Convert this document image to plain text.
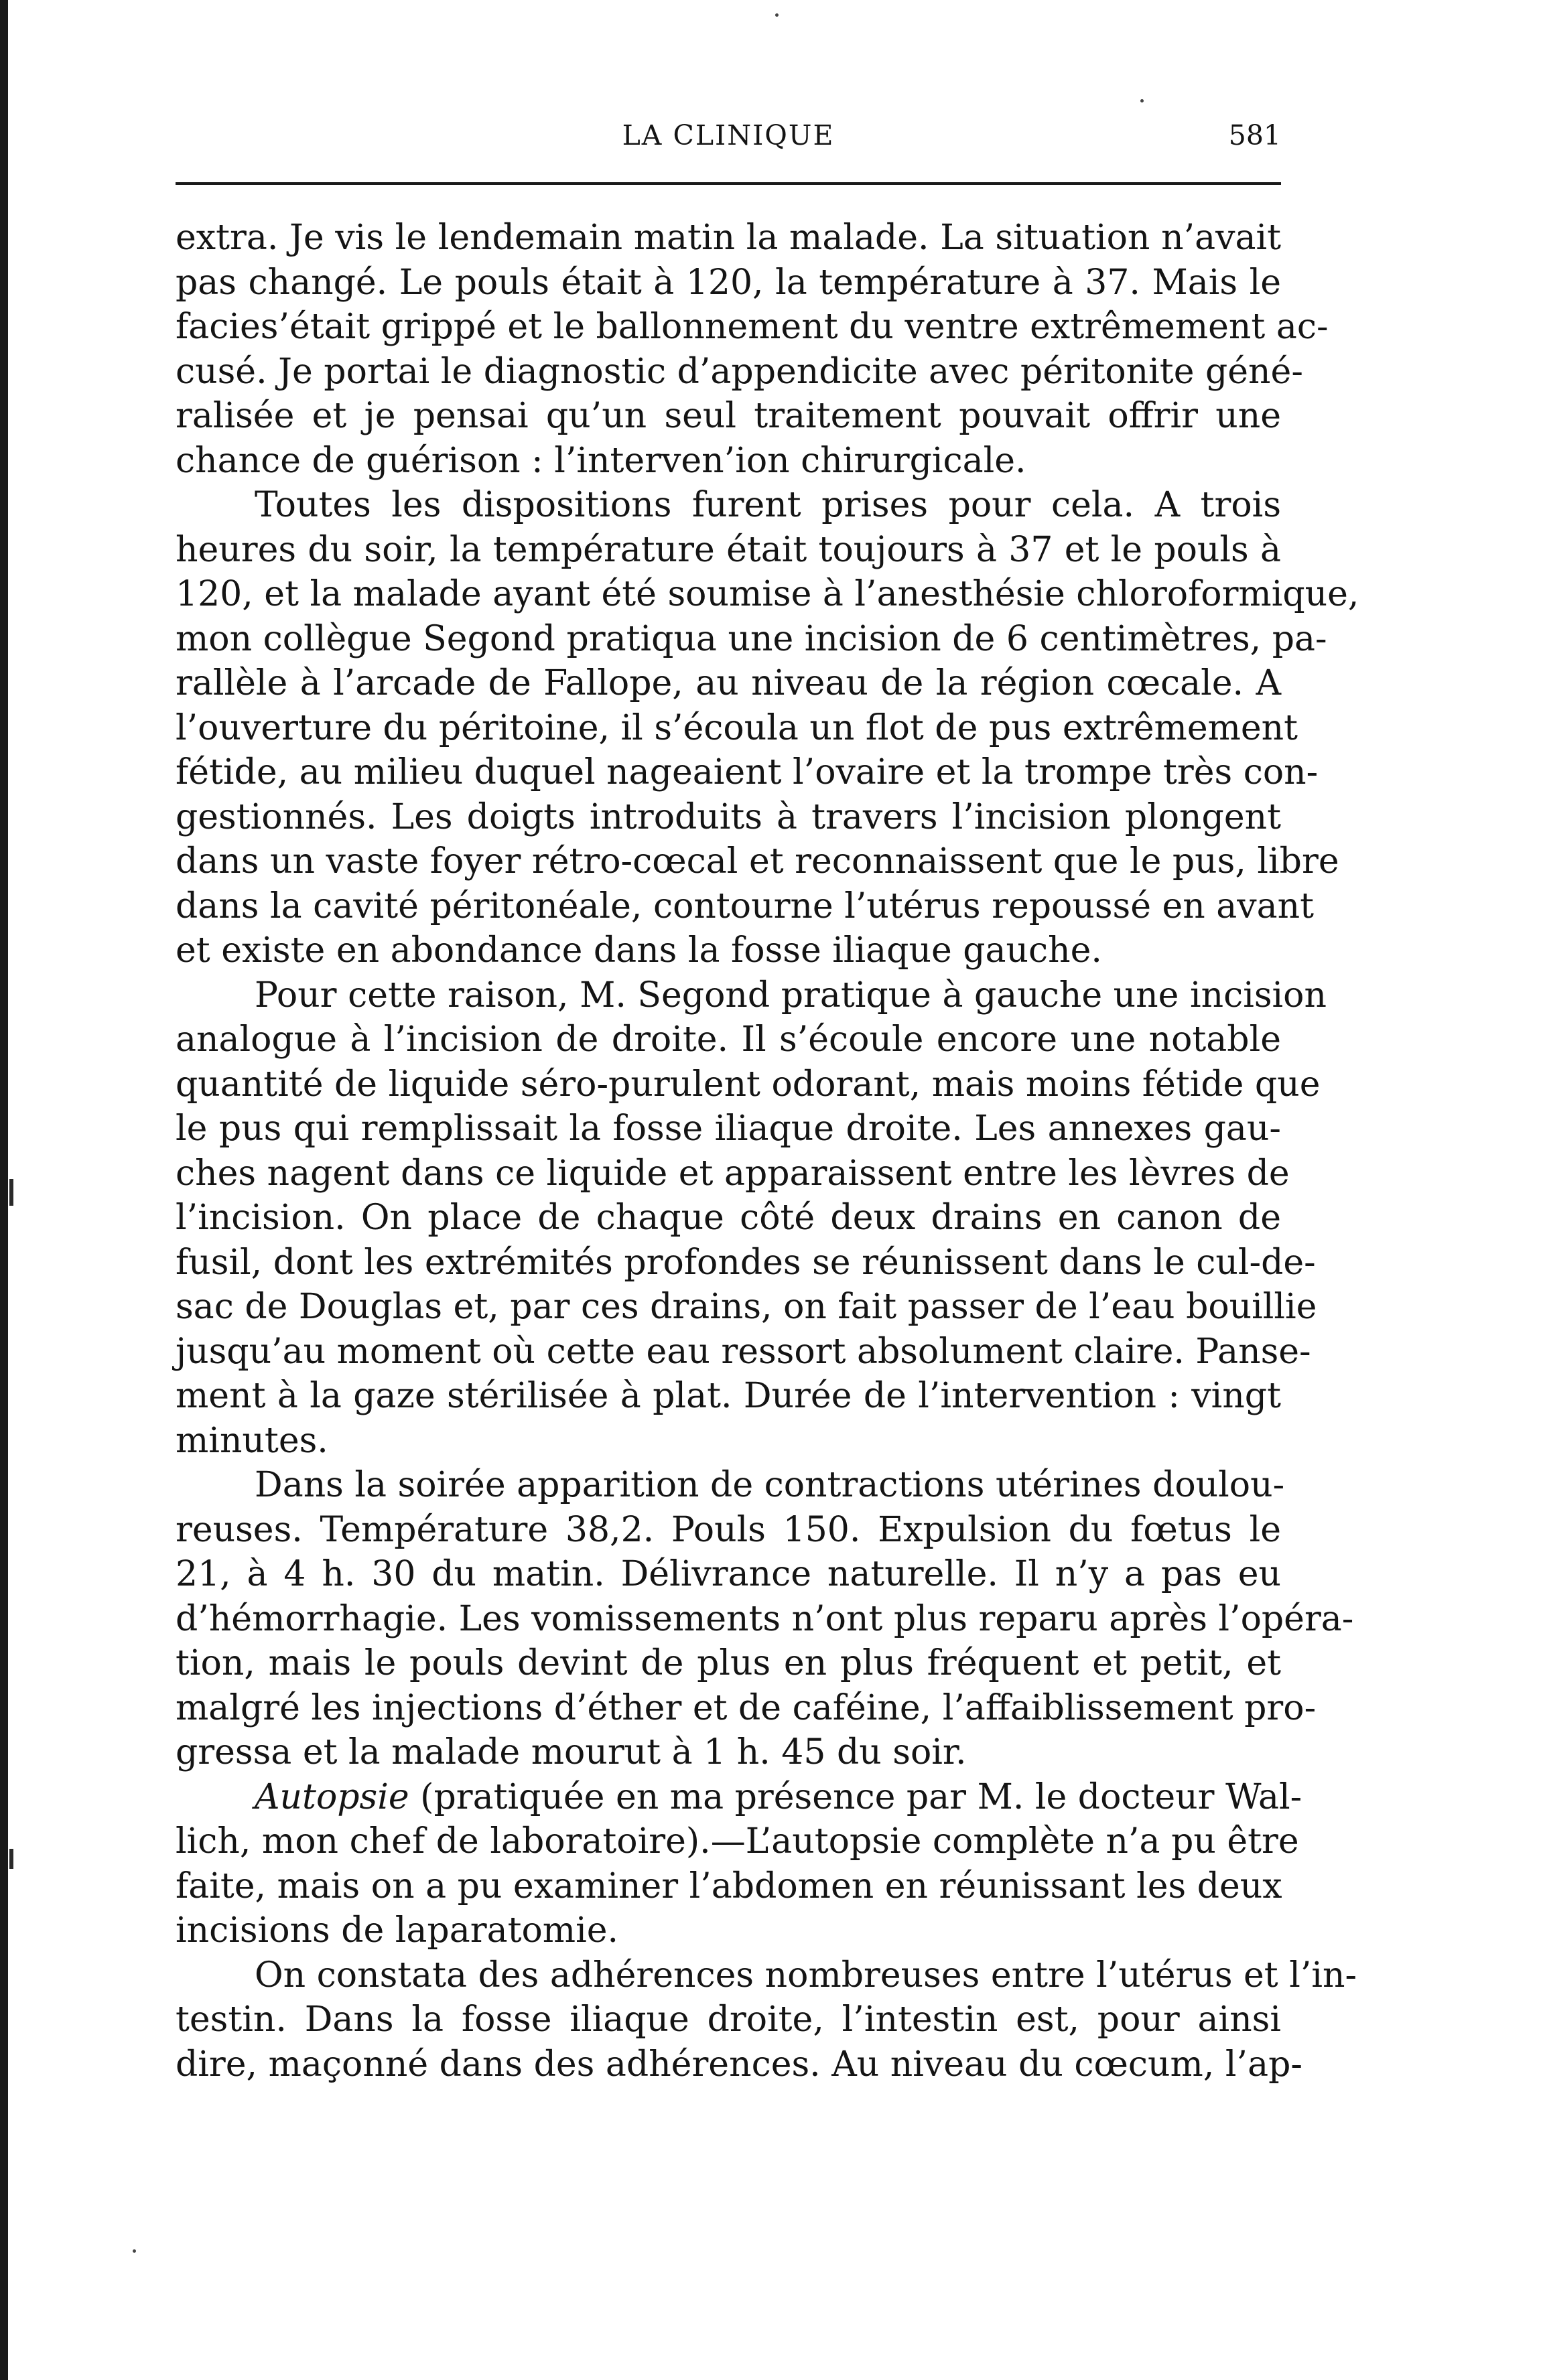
LA CLINIQUE	581
extra. Je vis le lendemain matin la malade. La situation n’avait
pas changé. Le pouls était à 120, la température à 37. Mais le
facies’était grippé et le ballonnement du ventre extrêmement ac-
cusé. Je portai le diagnostic d’appendicite avec péritonite géné-
ralisée et je pensai qu’un seul traitement pouvait offrir une
chance de guérison : l’interven’ion chirurgicale.
Toutes les dispositions furent prises pour cela. A trois
heures du soir, la température était toujours à 37 et le pouls à
120, et la malade ayant été soumise à l’anesthésie chloroformique,
mon collègue Segond pratiqua une incision de 6 centimètres, pa-
rallèle à l’arcade de Fallope, au niveau de la région cœcale. A
l’ouverture du péritoine, il s’écoula un flot de pus extrêmement
fétide, au milieu duquel nageaient l’ovaire et la trompe très con-
gestionnés. Les doigts introduits à travers l’incision plongent
dans un vaste foyer rétro-cœcal et reconnaissent que le pus, libre
dans la cavité péritonéale, contourne l’utérus repoussé en avant
et existe en abondance dans la fosse iliaque gauche.
Pour cette raison, M. Segond pratique à gauche une incision
analogue à l’incision de droite. Il s’écoule encore une notable
quantité de liquide séro-purulent odorant, mais moins fétide que
le pus qui remplissait la fosse iliaque droite. Les annexes gau-
ches nagent dans ce liquide et apparaissent entre les lèvres de
l’incision. On place de chaque côté deux drains en canon de
fusil, dont les extrémités profondes se réunissent dans le cul-de-
sac de Douglas et, par ces drains, on fait passer de l’eau bouillie
jusqu’au moment où cette eau ressort absolument claire. Panse-
ment à la gaze stérilisée à plat. Durée de l’intervention : vingt
minutes.
Dans la soirée apparition de contractions utérines doulou-
reuses. Température 38,2. Pouls 150. Expulsion du fœtus le
21, à 4 h. 30 du matin. Délivrance naturelle. Il n’y a pas eu
d’hémorrhagie. Les vomissements n’ont plus reparu après l’opéra-
tion, mais le pouls devint de plus en plus fréquent et petit, et
malgré les injections d’éther et de caféine, l’affaiblissement pro-
gressa et la malade mourut à 1 h. 45 du soir.
Autopsie (pratiquée en ma présence par M. le docteur Wal-
lich, mon chef de laboratoire).—L’autopsie complète n’a pu être
faite, mais on a pu examiner l’abdomen en réunissant les deux
incisions de laparatomie.
On constata des adhérences nombreuses entre l’utérus et l’in-
testin. Dans la fosse iliaque droite, l’intestin est, pour ainsi
dire, maçonné dans des adhérences. Au niveau du cœcum, l’ap-
